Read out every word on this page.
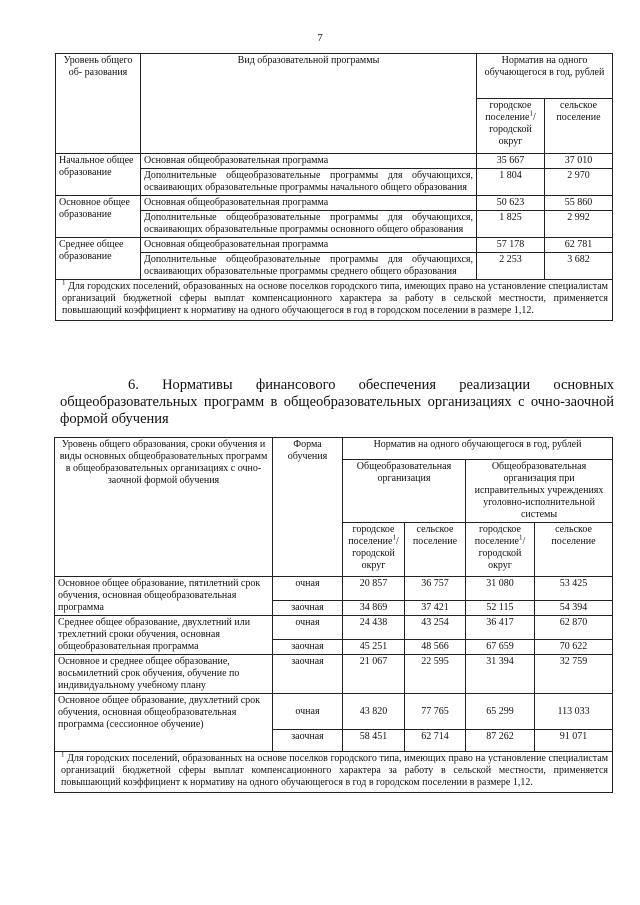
7
Уровень общего об- разования	Вид образовательной программы	Норматив на одного обучающегося в год, рублей	
		городское поселение$^1$/ городской округ	сельское поселение
Начальное общее образование	Основная общеобразовательная программа	35 667	37 010
	Дополнительные общеобразовательные программы для обучающихся, осваивающих образовательные программы начального общего образования	1 804	2 970
Основное общее образование	Основная общеобразовательная программа	50 623	55 860
	Дополнительные общеобразовательные программы для обучающихся, осваивающих образовательные программы основного общего образования	1 825	2 992
Среднее общее образование	Основная общеобразовательная программа	57 178	62 781
	Дополнительные общеобразовательные программы для обучающихся, осваивающих образовательные программы среднего общего образования	2 253	3 682
$^1$ Для городских поселений, образованных на основе поселков городского типа, имеющих право на установление специалистам организаций бюджетной сферы выплат компенсационного характера за работу в сельской местности, применяется повышающий коэффициент к нормативу на одного обучающегося в год в городском поселении в размере 1,12.			
6. Нормативы финансового обеспечения реализации основных общеобразовательных программ в общеобразовательных организациях с очно-заочной формой обучения
Уровень общего образования, сроки обучения и виды основных общеобразовательных программ в общеобразовательных организациях с очно-заочной формой обучения	Форма обучения	Норматив на одного обучающегося в год, рублей			
		Общеобразовательная организация		Общеобразовательная организация при исправительных учреждениях уголовно-исполнительной системы	
		городское поселение$^1$/ городской округ	сельское поселение	городское поселение$^1$/ городской округ	сельское поселение
Основное общее образование, пятилетний срок обучения, основная общеобразовательная программа	очная	20 857	36 757	31 080	53 425
	заочная	34 869	37 421	52 115	54 394
Среднее общее образование, двухлетний или трехлетний сроки обучения, основная общеобразовательная программа	очная	24 438	43 254	36 417	62 870
	заочная	45 251	48 566	67 659	70 622
Основное и среднее общее образование, восьмилетний срок обучения, обучение по индивидуальному учебному плану	заочная	21 067	22 595	31 394	32 759
Основное общее образование, двухлетний срок обучения, основная общеобразовательная программа (сессионное обучение)	очная	43 820	77 765	65 299	113 033
	заочная	58 451	62 714	87 262	91 071
$^1$ Для городских поселений, образованных на основе поселков городского типа, имеющих право на установление специалистам организаций бюджетной сферы выплат компенсационного характера за работу в сельской местности, применяется повышающий коэффициент к нормативу на одного обучающегося в год в городском поселении в размере 1,12.					
